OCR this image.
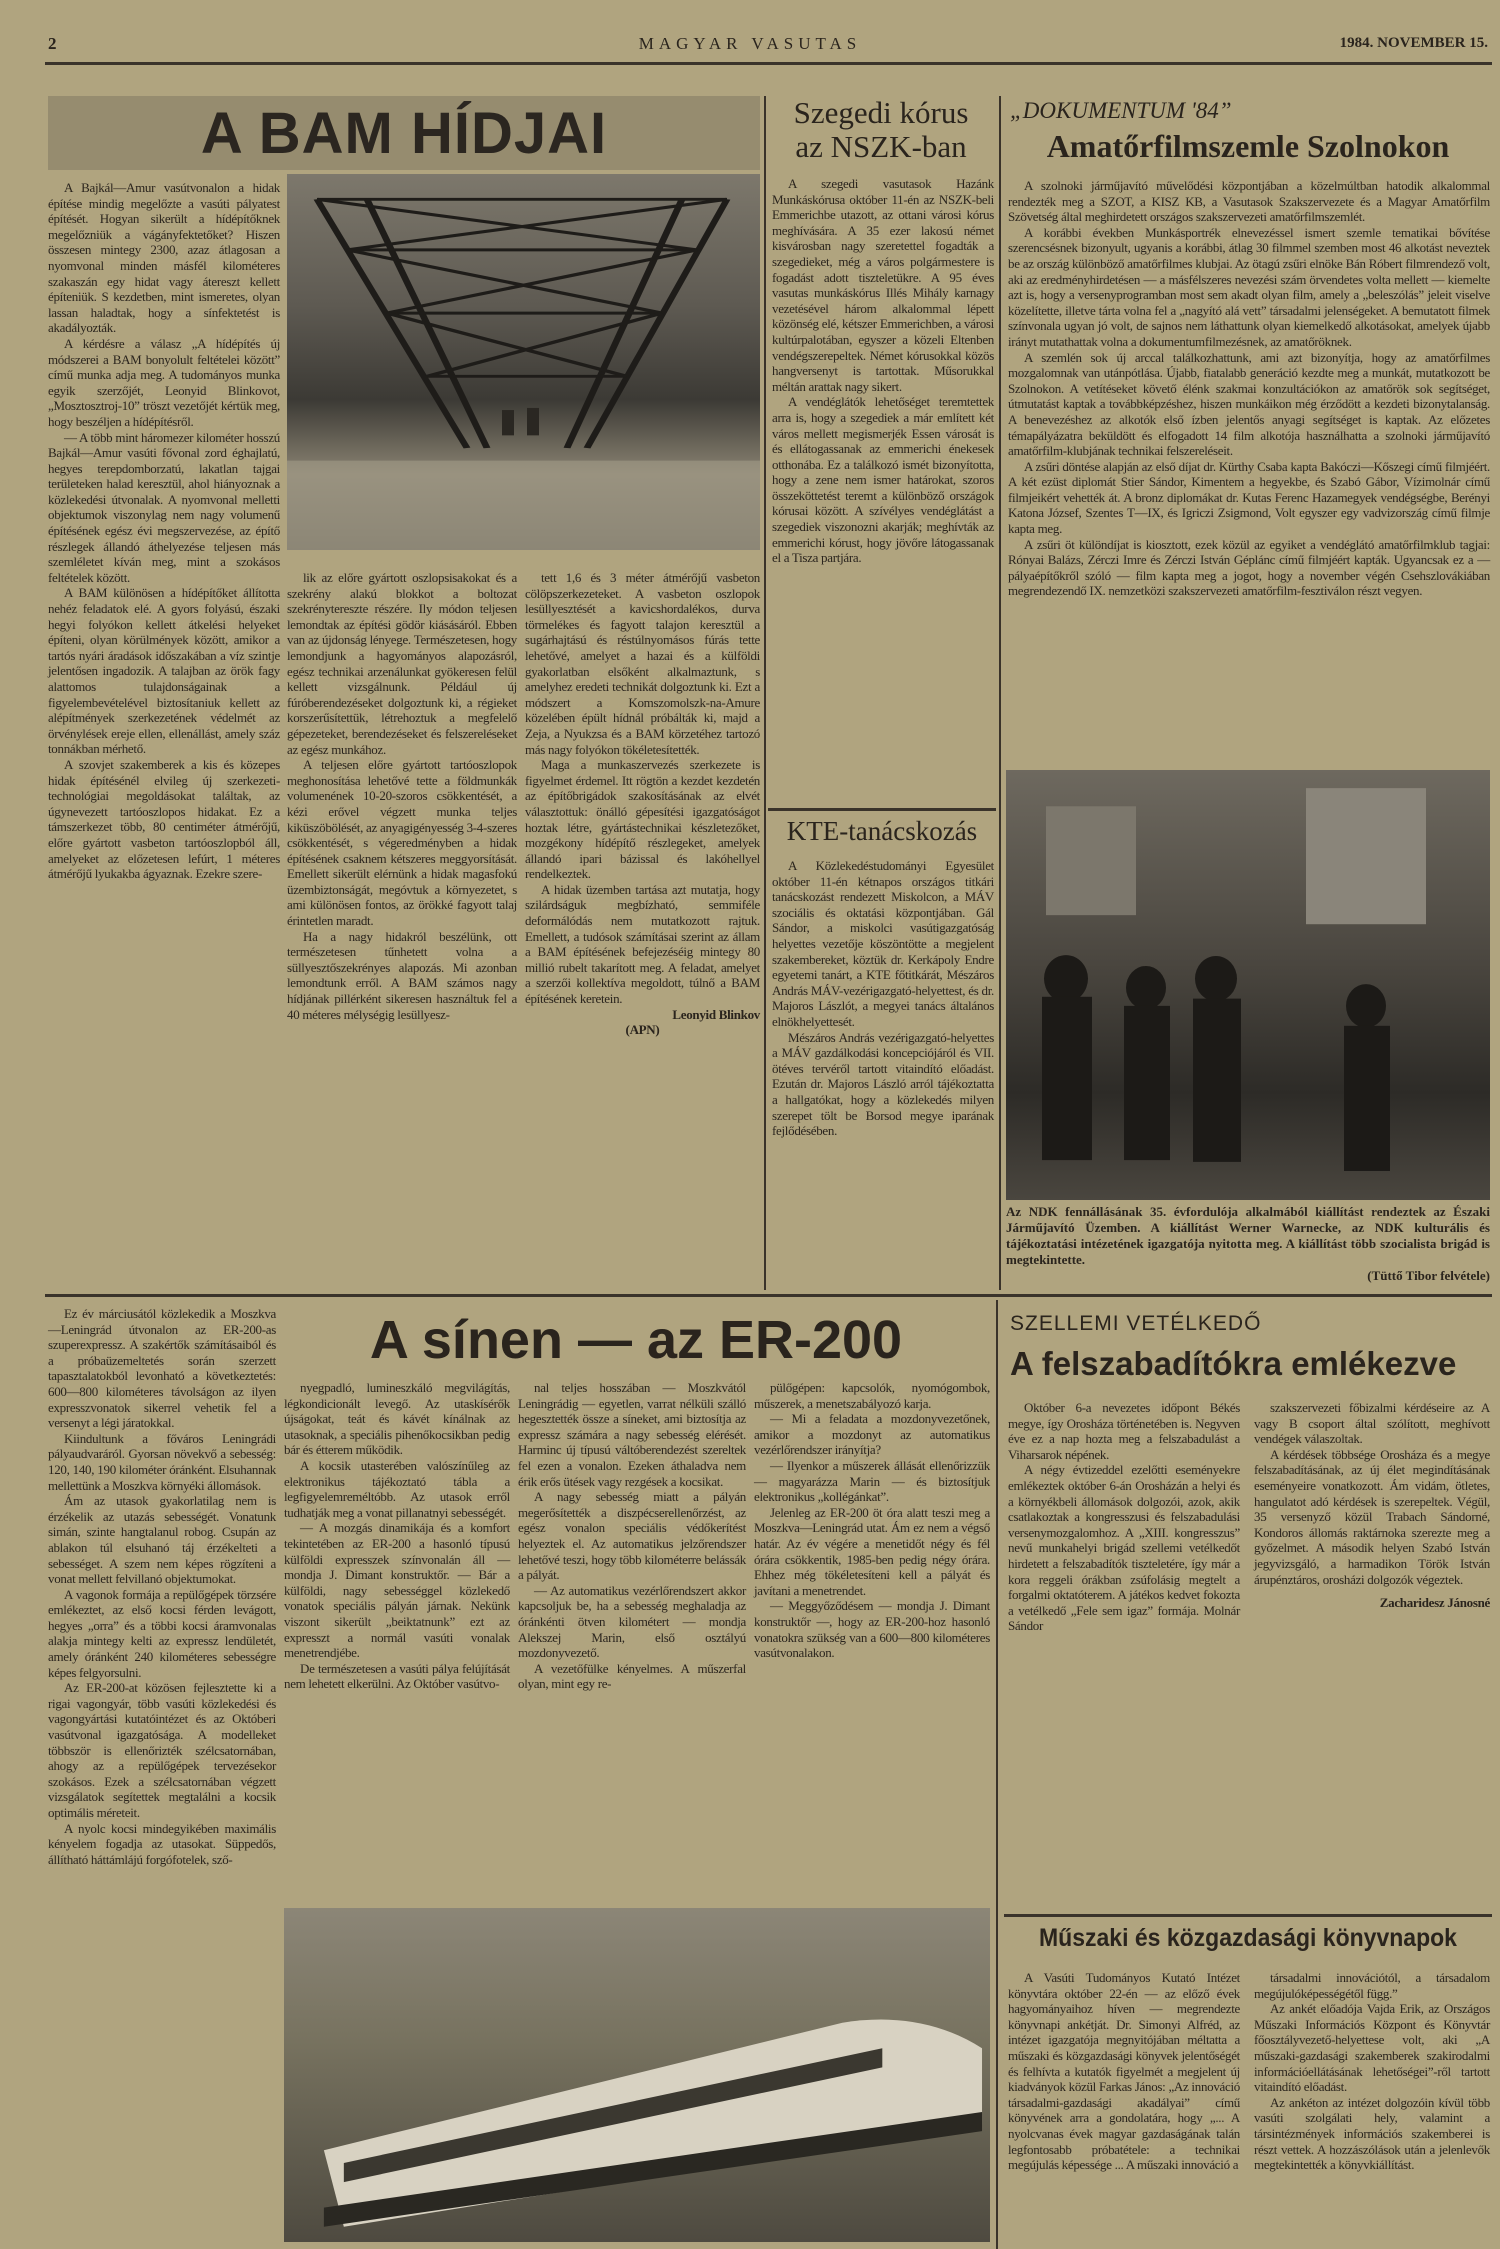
2	MAGYAR VASUTAS	1984. NOVEMBER 15.
A BAM HÍDJAI

A Bajkál—Amur vasútvonalon a hidak építése mindig megelőzte a vasúti pályatest építését. Hogyan sikerült a hídépítőknek megelőzniük a vágányfektetőket? Hiszen összesen mintegy 2300, azaz átlagosan a nyomvonal minden másfél kilométeres szakaszán egy hidat vagy átereszt kellett építeniük. S kezdetben, mint ismeretes, olyan lassan haladtak, hogy a sínfektetést is akadályozták.

A kérdésre a válasz „A hídépítés új módszerei a BAM bonyolult feltételei között” című munka adja meg. A tudományos munka egyik szerzőjét, Leonyid Blinkovot, „Mosztosztroj-10” tröszt vezetőjét kértük meg, hogy beszéljen a hídépítésről.

— A több mint háromezer kilométer hosszú Bajkál—Amur vasúti fővonal zord éghajlatú, hegyes terepdomborzatú, lakatlan tajgai területeken halad keresztül, ahol hiányoznak a közlekedési útvonalak. A nyomvonal melletti objektumok viszonylag nem nagy volumenű építésének egész évi megszervezése, az építő részlegek állandó áthelyezése teljesen más szemléletet kíván meg, mint a szokásos feltételek között.

A BAM különösen a hídépítőket állította nehéz feladatok elé. A gyors folyású, északi hegyi folyókon kellett átkelési helyeket építeni, olyan körülmények között, amikor a tartós nyári áradások időszakában a víz szintje jelentősen ingadozik. A talajban az örök fagy alattomos tulajdonságainak a figyelembevételével biztosítaniuk kellett az alépítmények szerkezetének védelmét az örvénylések ereje ellen, ellenállást, amely száz tonnákban mérhető.

A szovjet szakemberek a kis és közepes hidak építésénél elvileg új szerkezeti-technológiai megoldásokat találtak, az úgynevezett tartóoszlopos hidakat. Ez a támszerkezet több, 80 centiméter átmérőjű, előre gyártott vasbeton tartóoszlopból áll, amelyeket az előzetesen lefúrt, 1 méteres átmérőjű lyukakba ágyaznak. Ezekre szere-

lik az előre gyártott oszlopsisakokat és a szekrény alakú blokkot a boltozat szekrénytereszte részére. Ily módon teljesen lemondtak az építési gödör kiásásáról. Ebben van az újdonság lényege. Természetesen, hogy lemondjunk a hagyományos alapozásról, egész technikai arzenálunkat gyökeresen felül kellett vizsgálnunk. Például új fúróberendezéseket dolgoztunk ki, a régieket korszerűsítettük, létrehoztuk a megfelelő gépezeteket, berendezéseket és felszereléseket az egész munkához.

A teljesen előre gyártott tartóoszlopok meghonosítása lehetővé tette a földmunkák volumenének 10-20-szoros csökkentését, a kézi erővel végzett munka teljes kiküszöbölését, az anyagigényesség 3-4-szeres csökkentését, s végeredményben a hidak építésének csaknem kétszeres meggyorsítását. Emellett sikerült elérnünk a hidak magasfokú üzembiztonságát, megóvtuk a környezetet, s ami különösen fontos, az örökké fagyott talaj érintetlen maradt.

Ha a nagy hidakról beszélünk, ott természetesen tűnhetett volna a süllyesztőszekrényes alapozás. Mi azonban lemondtunk erről. A BAM számos nagy hídjának pillérként sikeresen használtuk fel a 40 méteres mélységig lesüllyesz-

tett 1,6 és 3 méter átmérőjű vasbeton cölöpszerkezeteket. A vasbeton oszlopok lesüllyesztését a kavicshordalékos, durva törmelékes és fagyott talajon keresztül a sugárhajtású és réstúlnyomásos fúrás tette lehetővé, amelyet a hazai és a külföldi gyakorlatban elsőként alkalmaztunk, s amelyhez eredeti technikát dolgoztunk ki. Ezt a módszert a Komszomolszk-na-Amure közelében épült hídnál próbálták ki, majd a Zeja, a Nyukzsa és a BAM körzetéhez tartozó más nagy folyókon tökéletesítették.

Maga a munkaszervezés szerkezete is figyelmet érdemel. Itt rögtön a kezdet kezdetén az építőbrigádok szakosításának az elvét választottuk: önálló gépesítési igazgatóságot hoztak létre, gyártástechnikai készletezőket, mozgékony hídépítő részlegeket, amelyek állandó ipari bázissal és lakóhellyel rendelkeztek.

A hidak üzemben tartása azt mutatja, hogy szilárdságuk megbízható, semmiféle deformálódás nem mutatkozott rajtuk. Emellett, a tudósok számításai szerint az állam a BAM építésének befejezéséig mintegy 80 millió rubelt takarított meg. A feladat, amelyet a szerzői kollektíva megoldott, túlnő a BAM építésének keretein.

Leonyid Blinkov
(APN)
Szegedi kórus
az NSZK-ban

A szegedi vasutasok Hazánk Munkáskórusa október 11-én az NSZK-beli Emmerichbe utazott, az ottani városi kórus meghívására. A 35 ezer lakosú német kisvárosban nagy szeretettel fogadták a szegedieket, még a város polgármestere is fogadást adott tiszteletükre. A 95 éves vasutas munkáskórus Illés Mihály karnagy vezetésével három alkalommal lépett közönség elé, kétszer Emmerichben, a városi kultúrpalotában, egyszer a közeli Eltenben vendégszerepeltek. Német kórusokkal közös hangversenyt is tartottak. Műsorukkal méltán arattak nagy sikert.

A vendéglátók lehetőséget teremtettek arra is, hogy a szegediek a már említett két város mellett megismerjék Essen városát is és ellátogassanak az emmerichi énekesek otthonába. Ez a találkozó ismét bizonyította, hogy a zene nem ismer határokat, szoros összeköttetést teremt a különböző országok kórusai között. A szívélyes vendéglátást a szegediek viszonozni akarják; meghívták az emmerichi kórust, hogy jövőre látogassanak el a Tisza partjára.

KTE-tanácskozás

A Közlekedéstudományi Egyesület október 11-én kétnapos országos titkári tanácskozást rendezett Miskolcon, a MÁV szociális és oktatási központjában. Gál Sándor, a miskolci vasútigazgatóság helyettes vezetője köszöntötte a megjelent szakembereket, köztük dr. Kerkápoly Endre egyetemi tanárt, a KTE főtitkárát, Mészáros András MÁV-vezérigazgató-helyettest, és dr. Majoros Lászlót, a megyei tanács általános elnökhelyettesét.

Mészáros András vezérigazgató-helyettes a MÁV gazdálkodási koncepciójáról és VII. ötéves tervéről tartott vitaindító előadást. Ezután dr. Majoros László arról tájékoztatta a hallgatókat, hogy a közlekedés milyen szerepet tölt be Borsod megye iparának fejlődésében.

„DOKUMENTUM '84”
Amatőrfilmszemle Szolnokon

A szolnoki járműjavító művelődési központjában a közelmúltban hatodik alkalommal rendezték meg a SZOT, a KISZ KB, a Vasutasok Szakszervezete és a Magyar Amatőrfilm Szövetség által meghirdetett országos szakszervezeti amatőrfilmszemlét.

A korábbi években Munkásportrék elnevezéssel ismert szemle tematikai bővítése szerencsésnek bizonyult, ugyanis a korábbi, átlag 30 filmmel szemben most 46 alkotást neveztek be az ország különböző amatőrfilmes klubjai. Az ötagú zsűri elnöke Bán Róbert filmrendező volt, aki az eredményhirdetésen — a másfélszeres nevezési szám örvendetes volta mellett — kiemelte azt is, hogy a versenyprogramban most sem akadt olyan film, amely a „beleszólás” jeleit viselve közelítette, illetve tárta volna fel a „nagyító alá vett” társadalmi jelenségeket. A bemutatott filmek színvonala ugyan jó volt, de sajnos nem láthattunk olyan kiemelkedő alkotásokat, amelyek újabb irányt mutathattak volna a dokumentumfilmezésnek, az amatőröknek.

A szemlén sok új arccal találkozhattunk, ami azt bizonyítja, hogy az amatőrfilmes mozgalomnak van utánpótlása. Újabb, fiatalabb generáció kezdte meg a munkát, mutatkozott be Szolnokon. A vetítéseket követő élénk szakmai konzultációkon az amatőrök sok segítséget, útmutatást kaptak a továbbképzéshez, hiszen munkáikon még érződött a kezdeti bizonytalanság. A benevezéshez az alkotók első ízben jelentős anyagi segítséget is kaptak. Az előzetes témapályázatra beküldött és elfogadott 14 film alkotója használhatta a szolnoki járműjavító amatőrfilm-klubjának technikai felszereléseit.

A zsűri döntése alapján az első díjat dr. Kürthy Csaba kapta Bakóczi—Kőszegi című filmjéért. A két ezüst diplomát Stier Sándor, Kimentem a hegyekbe, és Szabó Gábor, Vízimolnár című filmjeikért vehették át. A bronz diplomákat dr. Kutas Ferenc Hazamegyek vendégségbe, Berényi Katona József, Szentes T—IX, és Igriczi Zsigmond, Volt egyszer egy vadvizország című filmje kapta meg.

A zsűri öt különdíjat is kiosztott, ezek közül az egyiket a vendéglátó amatőrfilmklub tagjai: Rónyai Balázs, Zérczi Imre és Zérczi István Géplánc című filmjéért kapták. Ugyancsak ez a — pályaépítőkről szóló — film kapta meg a jogot, hogy a november végén Csehszlovákiában megrendezendő IX. nemzetközi szakszervezeti amatőrfilm-fesztiválon részt vegyen.

Az NDK fennállásának 35. évfordulója alkalmából kiállítást rendeztek az Északi Járműjavító Üzemben. A kiállítást Werner Warnecke, az NDK kulturális és tájékoztatási intézetének igazgatója nyitotta meg. A kiállítást több szocialista brigád is megtekintette.
(Tüttő Tibor felvétele)

Ez év márciusától közlekedik a Moszkva—Leningrád útvonalon az ER-200-as szuperexpressz. A szakértők számításaiból és a próbaüzemeltetés során szerzett tapasztalatokból levonható a következtetés: 600—800 kilométeres távolságon az ilyen expresszvonatok sikerrel vehetik fel a versenyt a légi járatokkal.

Kiindultunk a főváros Leningrádi pályaudvaráról. Gyorsan növekvő a sebesség: 120, 140, 190 kilométer óránként. Elsuhannak mellettünk a Moszkva környéki állomások.

Ám az utasok gyakorlatilag nem is érzékelik az utazás sebességét. Vonatunk simán, szinte hangtalanul robog. Csupán az ablakon túl elsuhanó táj érzékelteti a sebességet. A szem nem képes rögzíteni a vonat mellett felvillanó objektumokat.

A vagonok formája a repülőgépek törzsére emlékeztet, az első kocsi férden levágott, hegyes „orra” és a többi kocsi áramvonalas alakja mintegy kelti az expressz lendületét, amely óránként 240 kilométeres sebességre képes felgyorsulni.

Az ER-200-at közösen fejlesztette ki a rigai vagongyár, több vasúti közlekedési és vagongyártási kutatóintézet és az Októberi vasútvonal igazgatósága. A modelleket többször is ellenőrizték szélcsatornában, ahogy az a repülőgépek tervezésekor szokásos. Ezek a szélcsatornában végzett vizsgálatok segítettek megtalálni a kocsik optimális méreteit.

A nyolc kocsi mindegyikében maximális kényelem fogadja az utasokat. Süppedős, állítható háttámlájú forgófotelek, sző-

A sínen — az ER-200

nyegpadló, lumineszkáló megvilágítás, légkondicionált levegő. Az utaskísérők újságokat, teát és kávét kínálnak az utasoknak, a speciális pihenőkocsikban pedig bár és étterem működik.

A kocsik utasterében valószínűleg az elektronikus tájékoztató tábla a legfigyelemreméltóbb. Az utasok erről tudhatják meg a vonat pillanatnyi sebességét.

— A mozgás dinamikája és a komfort tekintetében az ER-200 a hasonló típusú külföldi expresszek színvonalán áll — mondja J. Dimant konstruktőr. — Bár a külföldi, nagy sebességgel közlekedő vonatok speciális pályán járnak. Nekünk viszont sikerült „beiktatnunk” ezt az expresszt a normál vasúti vonalak menetrendjébe.

De természetesen a vasúti pálya felújítását nem lehetett elkerülni. Az Október vasútvo-

nal teljes hosszában — Moszkvától Leningrádig — egyetlen, varrat nélküli szálló hegesztették össze a síneket, ami biztosítja az expressz számára a nagy sebesség elérését. Harminc új típusú váltóberendezést szereltek fel ezen a vonalon. Ezeken áthaladva nem érik erős ütések vagy rezgések a kocsikat.

A nagy sebesség miatt a pályán megerősítették a diszpécserellenőrzést, az egész vonalon speciális védőkerítést helyeztek el. Az automatikus jelzőrendszer lehetővé teszi, hogy több kilométerre belássák a pályát.

— Az automatikus vezérlőrendszert akkor kapcsoljuk be, ha a sebesség meghaladja az óránkénti ötven kilométert — mondja Alekszej Marin, első osztályú mozdonyvezető.

A vezetőfülke kényelmes. A műszerfal olyan, mint egy re-

pülőgépen: kapcsolók, nyomógombok, műszerek, a menetszabályozó karja.

— Mi a feladata a mozdonyvezetőnek, amikor a mozdonyt az automatikus vezérlőrendszer irányítja?

— Ilyenkor a műszerek állását ellenőrizzük — magyarázza Marin — és biztosítjuk elektronikus „kollégánkat”.

Jelenleg az ER-200 öt óra alatt teszi meg a Moszkva—Leningrád utat. Ám ez nem a végső határ. Az év végére a menetidőt négy és fél órára csökkentik, 1985-ben pedig négy órára. Ehhez még tökéletesíteni kell a pályát és javítani a menetrendet.

— Meggyőződésem — mondja J. Dimant konstruktőr —, hogy az ER-200-hoz hasonló vonatokra szükség van a 600—800 kilométeres vasútvonalakon.

SZELLEMI VETÉLKEDŐ
A felszabadítókra emlékezve

Október 6-a nevezetes időpont Békés megye, így Orosháza történetében is. Negyven éve ez a nap hozta meg a felszabadulást a Viharsarok népének.

A négy évtizeddel ezelőtti eseményekre emlékeztek október 6-án Orosházán a helyi és a környékbeli állomások dolgozói, azok, akik csatlakoztak a kongresszusi és felszabadulási versenymozgalomhoz. A „XIII. kongresszus” nevű munkahelyi brigád szellemi vetélkedőt hirdetett a felszabadítók tiszteletére, így már a kora reggeli órákban zsúfolásig megtelt a forgalmi oktatóterem. A játékos kedvet fokozta a vetélkedő „Fele sem igaz” formája. Molnár Sándor

szakszervezeti főbizalmi kérdéseire az A vagy B csoport által szólított, meghívott vendégek válaszoltak.

A kérdések többsége Orosháza és a megye felszabadításának, az új élet megindításának eseményeire vonatkozott. Ám vidám, ötletes, hangulatot adó kérdések is szerepeltek. Végül, 35 versenyző közül Trabach Sándorné, Kondoros állomás raktárnoka szerezte meg a győzelmet. A második helyen Szabó István jegyvizsgáló, a harmadikon Török István árupénztáros, orosházi dolgozók végeztek.

Zacharidesz Jánosné
Műszaki és közgazdasági könyvnapok

A Vasúti Tudományos Kutató Intézet könyvtára október 22-én — az előző évek hagyományaihoz híven — megrendezte könyvnapi ankétját. Dr. Simonyi Alfréd, az intézet igazgatója megnyitójában méltatta a műszaki és közgazdasági könyvek jelentőségét és felhívta a kutatók figyelmét a megjelent új kiadványok közül Farkas János: „Az innováció társadalmi-gazdasági akadályai” című könyvének arra a gondolatára, hogy „... A nyolcvanas évek magyar gazdaságának talán legfontosabb próbatétele: a technikai megújulás képessége ... A műszaki innováció a

társadalmi innovációtól, a társadalom megújulóképességétől függ.”

Az ankét előadója Vajda Erik, az Országos Műszaki Információs Központ és Könyvtár főosztályvezető-helyettese volt, aki „A műszaki-gazdasági szakemberek szakirodalmi információellátásának lehetőségei”-ről tartott vitaindító előadást.

Az ankéton az intézet dolgozóin kívül több vasúti szolgálati hely, valamint a társintézmények információs szakemberei is részt vettek. A hozzászólások után a jelenlevők megtekintették a könyvkiállítást.
